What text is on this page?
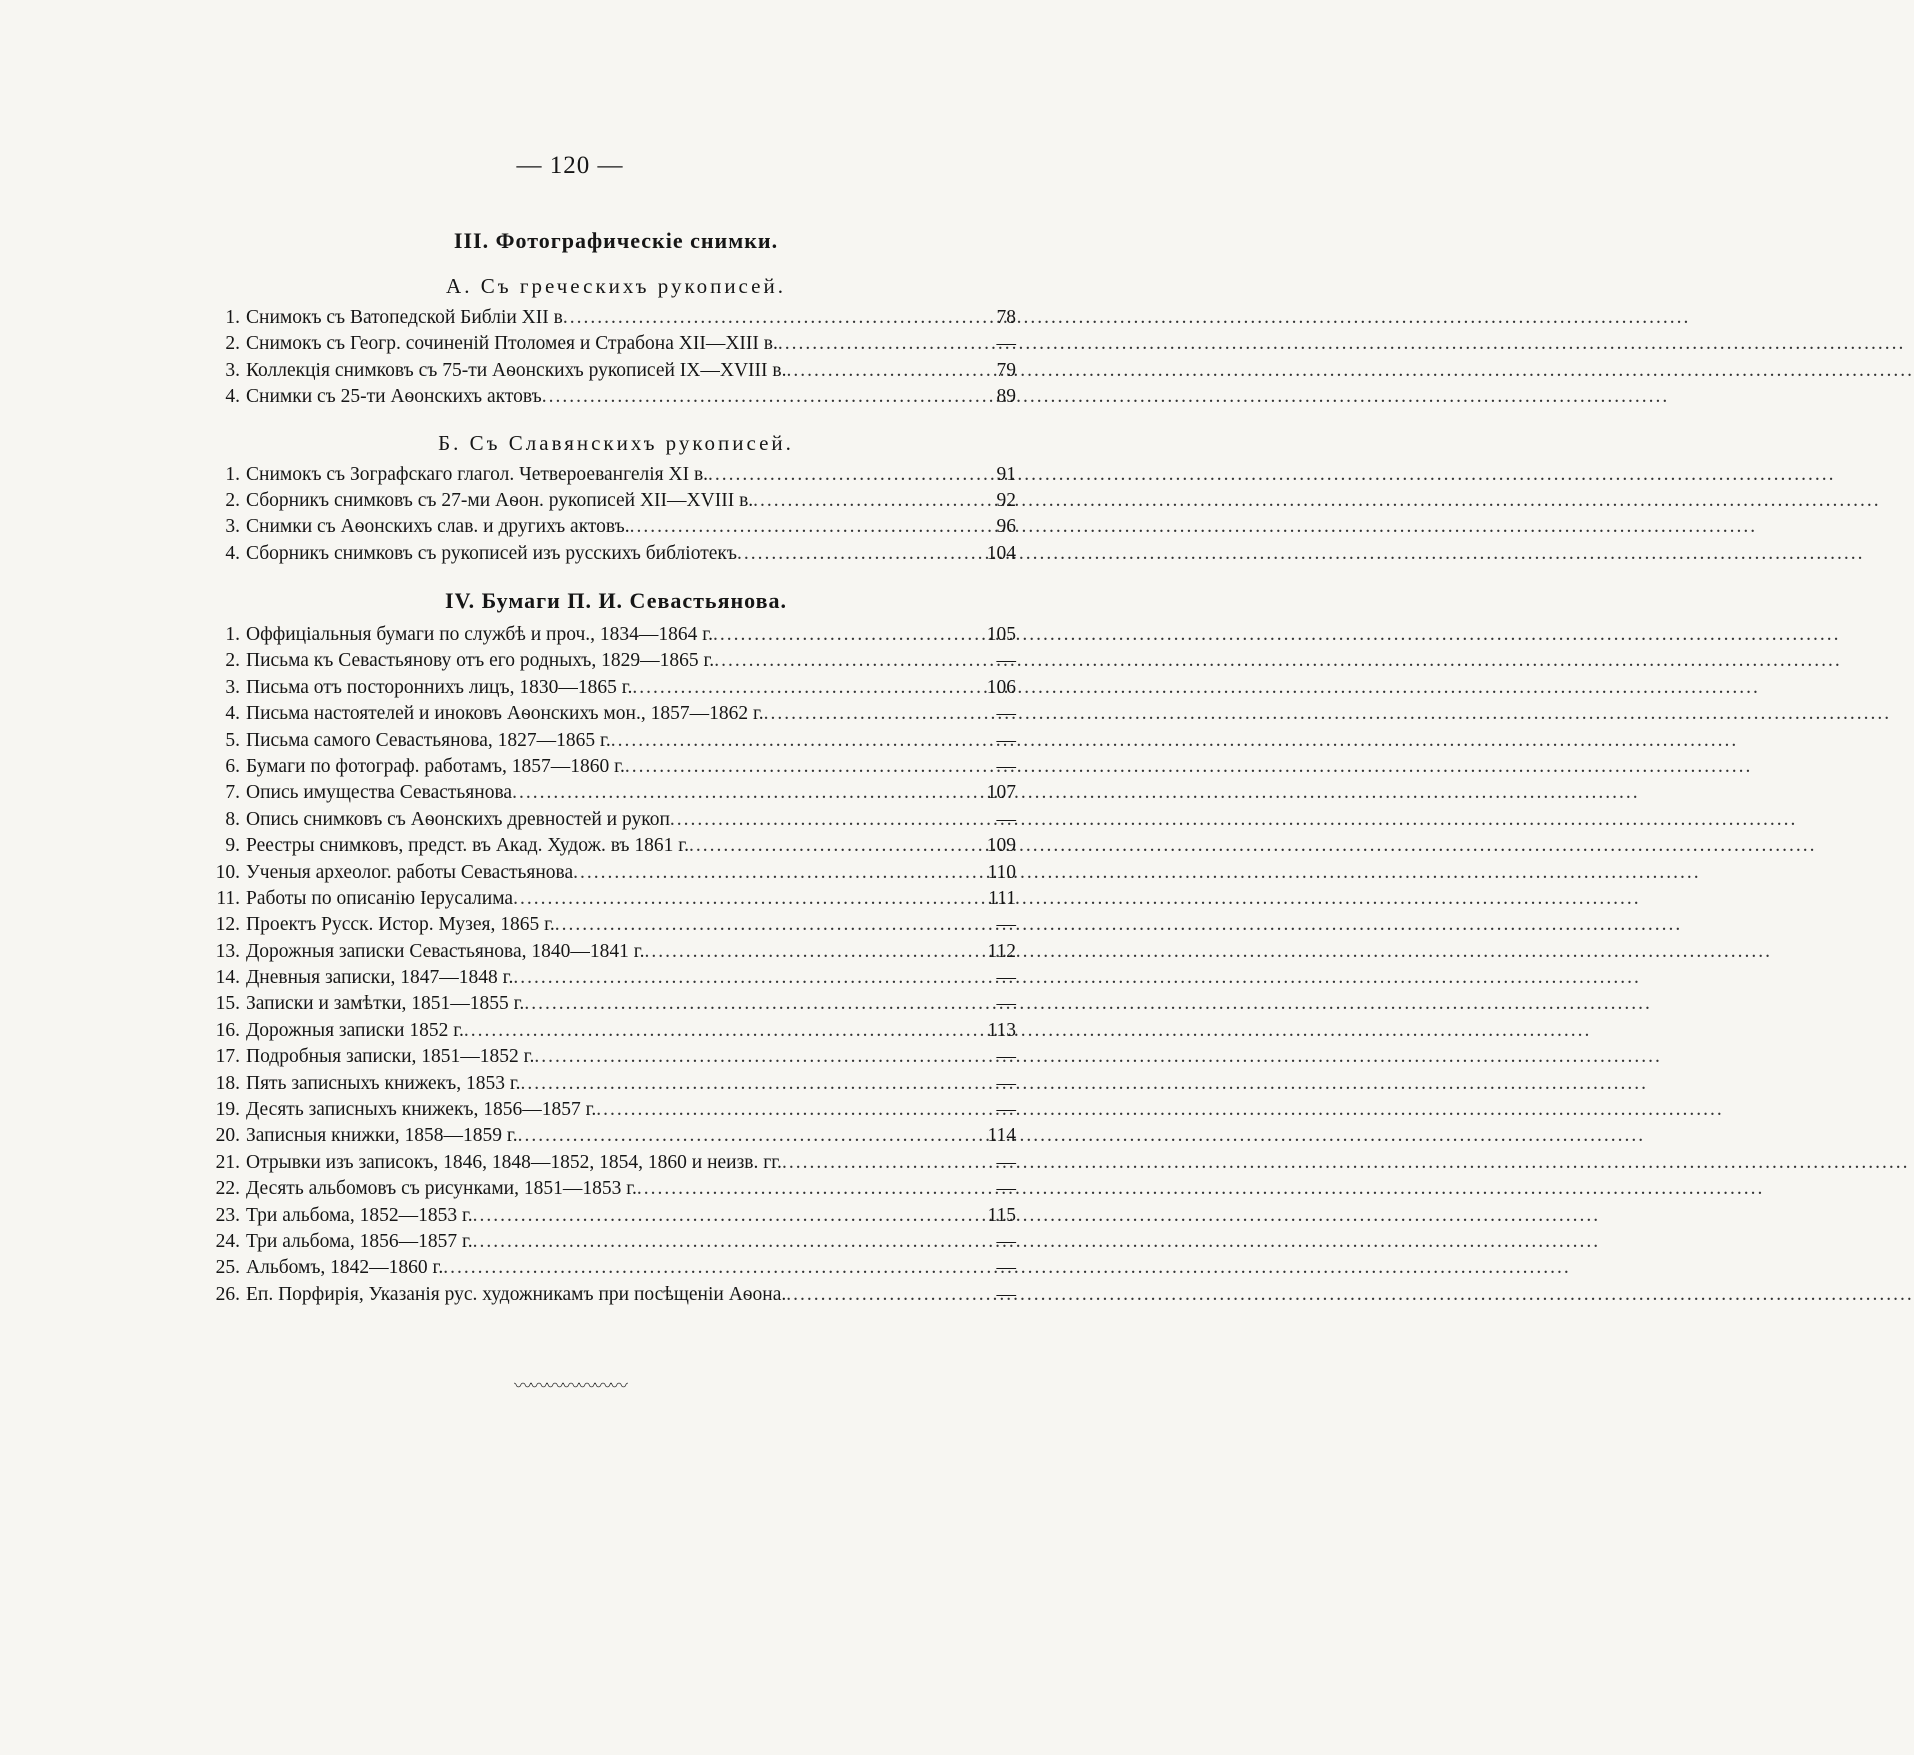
— 120 —
III. Фотографическіе снимки.
А. Съ греческихъ рукописей.
1. Снимокъ съ Ватопедской Библіи XII в .....	78
2. Снимокъ съ Геогр. сочиненій Птоломея и Страбона XII—XIII в. .....	—
3. Коллекція снимковъ съ 75-ти Аѳонскихъ рукописей IX—XVIII в. .....	79
4. Снимки съ 25-ти Аѳонскихъ актовъ .....	89
Б. Съ Славянскихъ рукописей.
1. Снимокъ съ Зографскаго глагол. Четвероевангелія XI в. .....	91
2. Сборникъ снимковъ съ 27-ми Аѳон. рукописей XII—XVIII в. .....	92
3. Снимки съ Аѳонскихъ слав. и другихъ актовъ. .....	96
4. Сборникъ снимковъ съ рукописей изъ русскихъ библіотекъ .....	104
IV. Бумаги П. И. Севастьянова.
1. Оффиціальныя бумаги по службѣ и проч., 1834—1864 г. .....	105
2. Письма къ Севастьянову отъ его родныхъ, 1829—1865 г. .....	—
3. Письма отъ постороннихъ лицъ, 1830—1865 г. .....	106
4. Письма настоятелей и иноковъ Аѳонскихъ мон., 1857—1862 г. .....	—
5. Письма самого Севастьянова, 1827—1865 г. .....	—
6. Бумаги по фотограф. работамъ, 1857—1860 г. .....	—
7. Опись имущества Севастьянова .....	107
8. Опись снимковъ съ Аѳонскихъ древностей и рукоп .....	—
9. Реестры снимковъ, предст. въ Акад. Худож. въ 1861 г. .....	109
10. Ученыя археолог. работы Севастьянова .....	110
11. Работы по описанію Іерусалима .....	111
12. Проектъ Русск. Истор. Музея, 1865 г. .....	—
13. Дорожныя записки Севастьянова, 1840—1841 г. .....	112
14. Дневныя записки, 1847—1848 г. .....	—
15. Записки и замѣтки, 1851—1855 г. .....	—
16. Дорожныя записки 1852 г. .....	113
17. Подробныя записки, 1851—1852 г. .....	—
18. Пять записныхъ книжекъ, 1853 г. .....	—
19. Десять записныхъ книжекъ, 1856—1857 г. .....	—
20. Записныя книжки, 1858—1859 г. .....	114
21. Отрывки изъ записокъ, 1846, 1848—1852, 1854, 1860 и неизв. гг. .....	—
22. Десять альбомовъ съ рисунками, 1851—1853 г. .....	—
23. Три альбома, 1852—1853 г. .....	115
24. Три альбома, 1856—1857 г. .....	—
25. Альбомъ, 1842—1860 г. .....	—
26. Еп. Порфирія, Указанія рус. художникамъ при посѣщеніи Аѳона. .....	—
〰〰〰〰〰〰〰
